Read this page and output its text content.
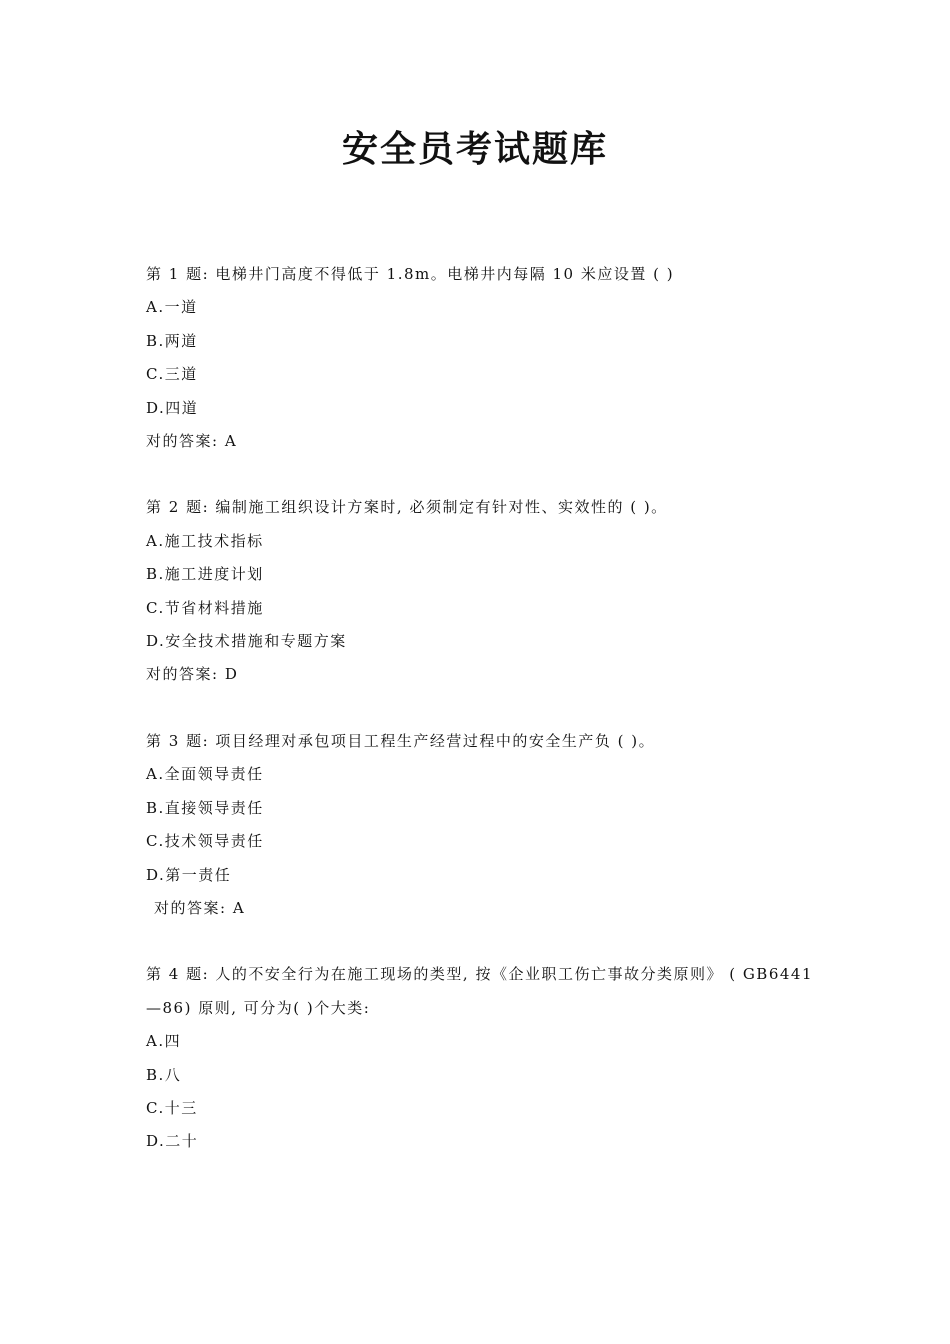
安全员考试题库
第 1 题: 电梯井门高度不得低于 1.8m。电梯井内每隔 10 米应设置 ( )
A.一道
B.两道
C.三道
D.四道
对的答案: A
第 2 题: 编制施工组织设计方案时, 必须制定有针对性、实效性的 ( )。
A.施工技术指标
B.施工进度计划
C.节省材料措施
D.安全技术措施和专题方案
对的答案: D
第 3 题: 项目经理对承包项目工程生产经营过程中的安全生产负 ( )。
A.全面领导责任
B.直接领导责任
C.技术领导责任
D.第一责任
对的答案: A
第 4 题: 人的不安全行为在施工现场的类型, 按《企业职工伤亡事故分类原则》 ( GB6441
—86) 原则, 可分为( )个大类:
A.四
B.八
C.十三
D.二十
